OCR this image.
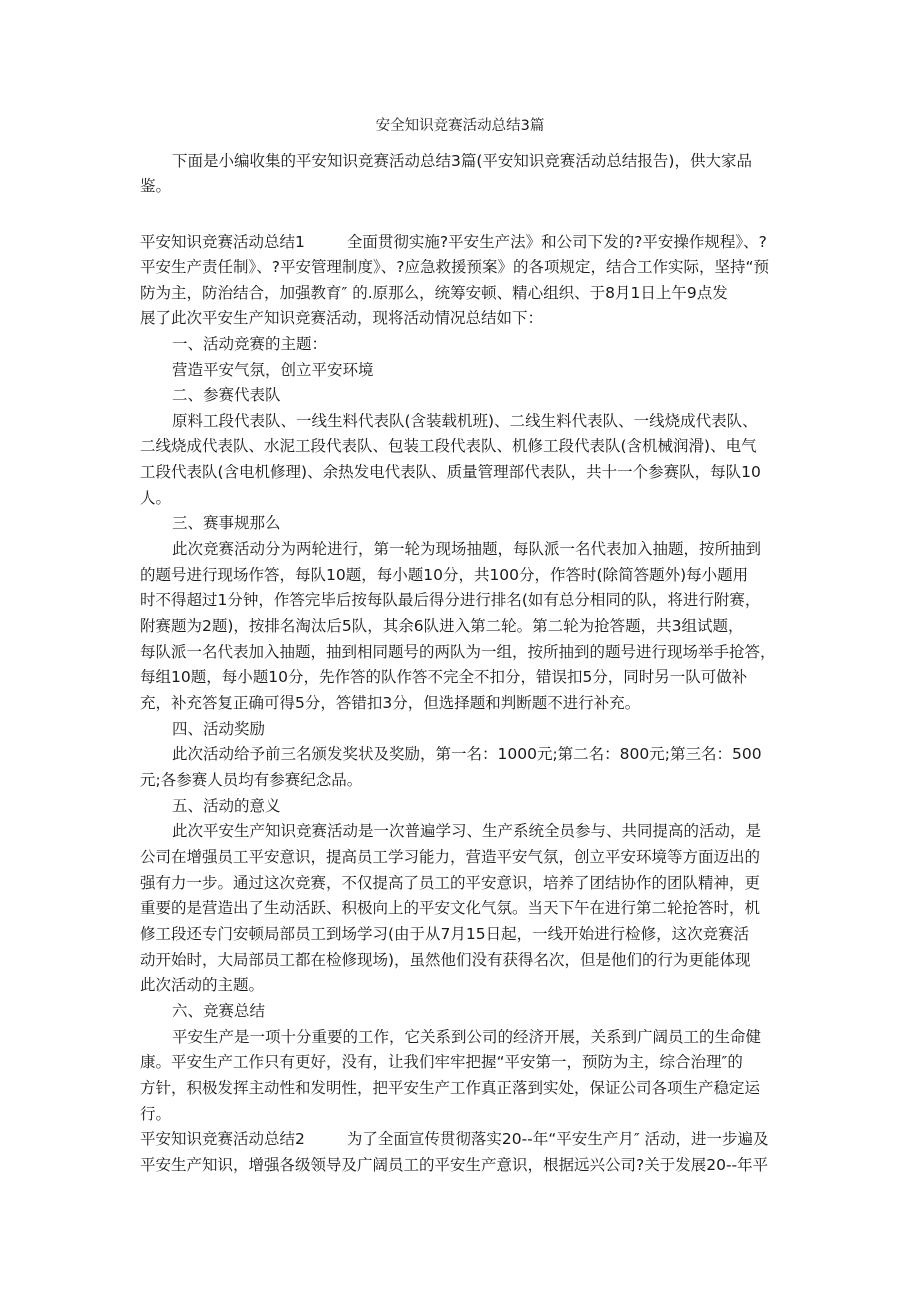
安全知识竞赛活动总结3篇
下面是小编收集的平安知识竞赛活动总结3篇(平安知识竞赛活动总结报告)，供大家品
鉴。
平安知识竞赛活动总结1	全面贯彻实施?平安生产法》和公司下发的?平安操作规程》、?
平安生产责任制》、?平安管理制度》、?应急救援预案》的各项规定，结合工作实际，坚持“预
防为主，防治结合，加强教育″ 的.原那么，统筹安顿、精心组织、于8月1日上午9点发
展了此次平安生产知识竞赛活动，现将活动情况总结如下：
一、活动竞赛的主题：
营造平安气氛，创立平安环境
二、参赛代表队
原料工段代表队、一线生料代表队(含装载机班)、二线生料代表队、一线烧成代表队、
二线烧成代表队、水泥工段代表队、包装工段代表队、机修工段代表队(含机械润滑)、电气
工段代表队(含电机修理)、余热发电代表队、质量管理部代表队，共十一个参赛队，每队10
人。
三、赛事规那么
此次竞赛活动分为两轮进行，第一轮为现场抽题，每队派一名代表加入抽题，按所抽到
的题号进行现场作答，每队10题，每小题10分，共100分，作答时(除简答题外)每小题用
时不得超过1分钟，作答完毕后按每队最后得分进行排名(如有总分相同的队，将进行附赛，
附赛题为2题)，按排名淘汰后5队，其余6队进入第二轮。第二轮为抢答题，共3组试题，
每队派一名代表加入抽题，抽到相同题号的两队为一组，按所抽到的题号进行现场举手抢答，
每组10题，每小题10分，先作答的队作答不完全不扣分，错误扣5分，同时另一队可做补
充，补充答复正确可得5分，答错扣3分，但选择题和判断题不进行补充。
四、活动奖励
此次活动给予前三名颁发奖状及奖励，第一名：1000元;第二名：800元;第三名：500
元;各参赛人员均有参赛纪念品。
五、活动的意义
此次平安生产知识竞赛活动是一次普遍学习、生产系统全员参与、共同提高的活动，是
公司在增强员工平安意识，提高员工学习能力，营造平安气氛，创立平安环境等方面迈出的
强有力一步。通过这次竞赛，不仅提高了员工的平安意识，培养了团结协作的团队精神，更
重要的是营造出了生动活跃、积极向上的平安文化气氛。当天下午在进行第二轮抢答时，机
修工段还专门安顿局部员工到场学习(由于从7月15日起，一线开始进行检修，这次竞赛活
动开始时，大局部员工都在检修现场)，虽然他们没有获得名次，但是他们的行为更能体现
此次活动的主题。
六、竞赛总结
平安生产是一项十分重要的工作，它关系到公司的经济开展，关系到广阔员工的生命健
康。平安生产工作只有更好，没有，让我们牢牢把握“平安第一，预防为主，综合治理″的
方针，积极发挥主动性和发明性，把平安生产工作真正落到实处，保证公司各项生产稳定运
行。
平安知识竞赛活动总结2	为了全面宣传贯彻落实20--年“平安生产月″ 活动，进一步遍及
平安生产知识，增强各级领导及广阔员工的平安生产意识，根据远兴公司?关于发展20--年平
